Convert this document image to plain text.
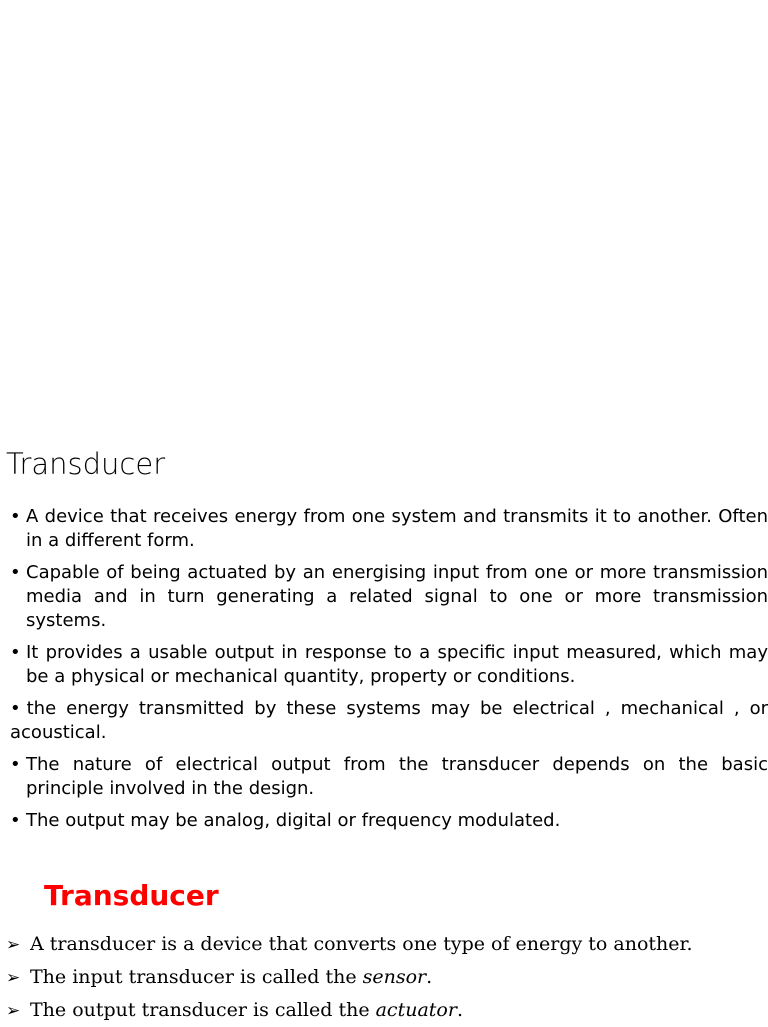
Transducer
• A device that receives energy from one system and transmits it to another. Often in a different form.
• Capable of being actuated by an energising input from one or more transmission media and in turn generating a related signal to one or more transmission systems.
• It provides a usable output in response to a specific input measured, which may be a physical or mechanical quantity, property or conditions.
• the energy transmitted by these systems may be electrical , mechanical , or acoustical.
• The nature of electrical output from the transducer depends on the basic principle involved in the design.
• The output may be analog, digital or frequency modulated.
Transducer
➢ A transducer is a device that converts one type of energy to another.
➢ The input transducer is called the sensor.
➢ The output transducer is called the actuator.
